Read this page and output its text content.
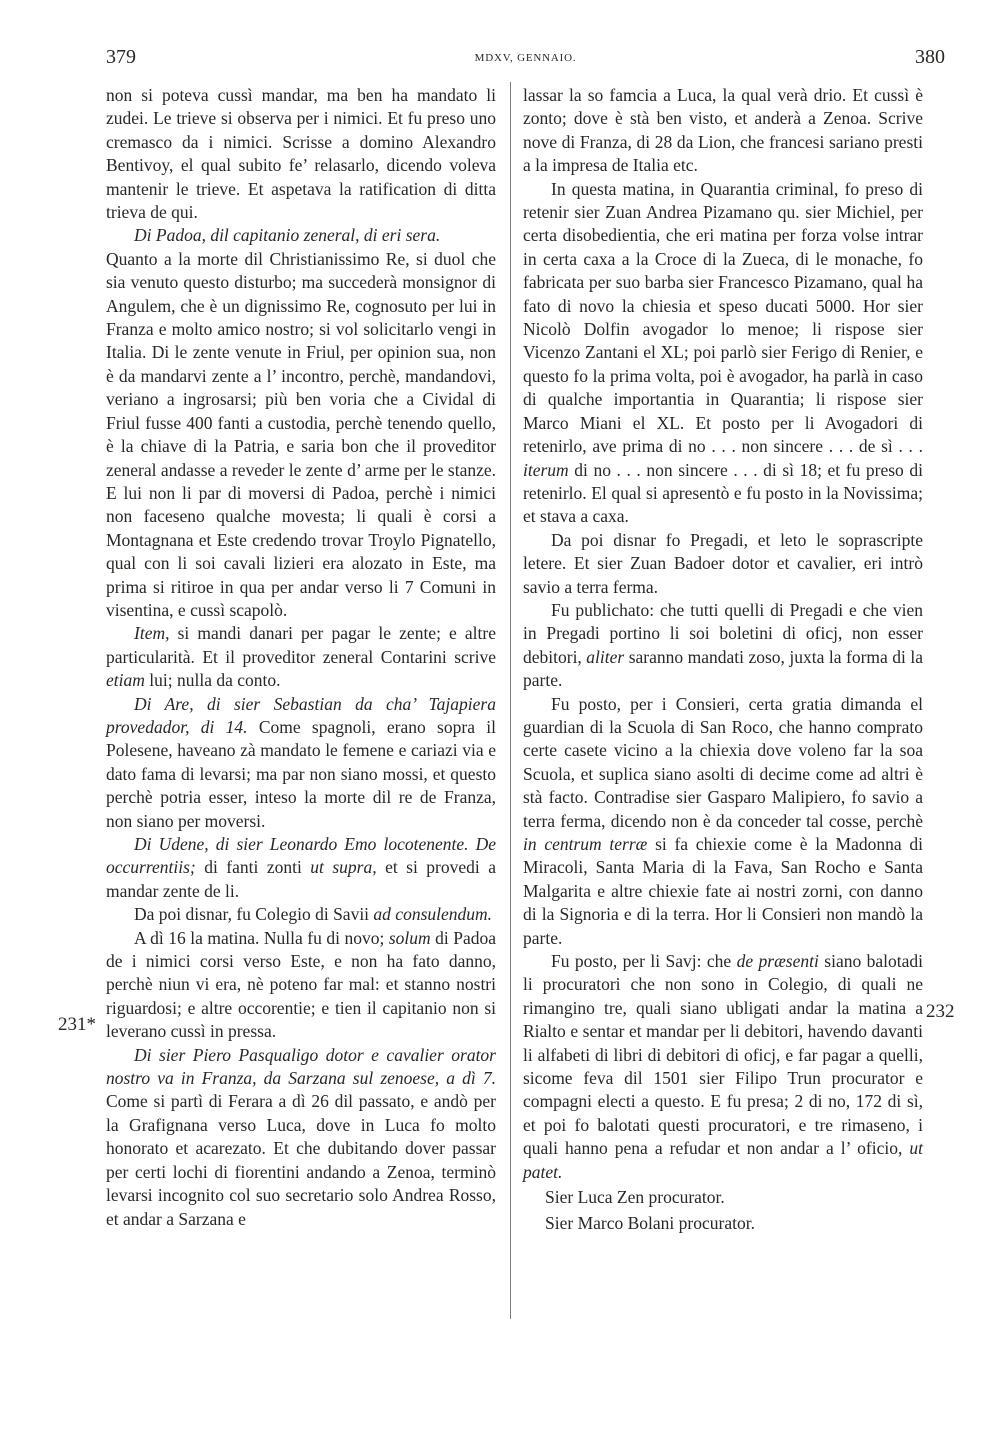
379	MDXV, GENNAIO.	380
231*
232

non si poteva cussì mandar, ma ben ha mandato li zudei. Le trieve si observa per i nimici. Et fu preso uno cremasco da i nimici. Scrisse a domino Alexandro Bentivoy, el qual subito fe’ relasarlo, dicendo voleva mantenir le trieve. Et aspetava la ratification di ditta trieva de qui.

Di Padoa, dil capitanio zeneral, di eri sera.

Quanto a la morte dil Christianissimo Re, si duol che sia venuto questo disturbo; ma succederà monsignor di Angulem, che è un dignissimo Re, cognosuto per lui in Franza e molto amico nostro; si vol solicitarlo vengi in Italia. Di le zente venute in Friul, per opinion sua, non è da mandarvi zente a l’ incontro, perchè, mandandovi, veriano a ingrosarsi; più ben voria che a Cividal di Friul fusse 400 fanti a custodia, perchè tenendo quello, è la chiave di la Patria, e saria bon che il proveditor zeneral andasse a reveder le zente d’ arme per le stanze. E lui non li par di moversi di Padoa, perchè i nimici non faceseno qualche movesta; li quali è corsi a Montagnana et Este credendo trovar Troylo Pignatello, qual con li soi cavali lizieri era alozato in Este, ma prima si ritiroe in qua per andar verso li 7 Comuni in visentina, e cussì scapolò.

Item, si mandi danari per pagar le zente; e altre particularità. Et il proveditor zeneral Contarini scrive etiam lui; nulla da conto.

Di Are, di sier Sebastian da cha’ Tajapiera provedador, di 14. Come spagnoli, erano sopra il Polesene, haveano zà mandato le femene e cariazi via e dato fama di levarsi; ma par non siano mossi, et questo perchè potria esser, inteso la morte dil re de Franza, non siano per moversi.

Di Udene, di sier Leonardo Emo locotenente. De occurrentiis; di fanti zonti ut supra, et si provedi a mandar zente de li.

Da poi disnar, fu Colegio di Savii ad consulendum.

A dì 16 la matina. Nulla fu di novo; solum di Padoa de i nimici corsi verso Este, e non ha fato danno, perchè niun vi era, nè poteno far mal: et stanno nostri riguardosi; e altre occorentie; e tien il capitanio non si leverano cussì in pressa.

Di sier Piero Pasqualigo dotor e cavalier orator nostro va in Franza, da Sarzana sul zenoese, a dì 7. Come si partì di Ferara a dì 26 dil passato, e andò per la Grafignana verso Luca, dove in Luca fo molto honorato et acarezato. Et che dubitando dover passar per certi lochi di fiorentini andando a Zenoa, terminò levarsi incognito col suo secretario solo Andrea Rosso, et andar a Sarzana e

lassar la so famcia a Luca, la qual verà drio. Et cussì è zonto; dove è stà ben visto, et anderà a Zenoa. Scrive nove di Franza, di 28 da Lion, che francesi sariano presti a la impresa de Italia etc.

In questa matina, in Quarantia criminal, fo preso di retenir sier Zuan Andrea Pizamano qu. sier Michiel, per certa disobedientia, che eri matina per forza volse intrar in certa caxa a la Croce di la Zueca, di le monache, fo fabricata per suo barba sier Francesco Pizamano, qual ha fato di novo la chiesia et speso ducati 5000. Hor sier Nicolò Dolfin avogador lo menoe; li rispose sier Vicenzo Zantani el XL; poi parlò sier Ferigo di Renier, e questo fo la prima volta, poi è avogador, ha parlà in caso di qualche importantia in Quarantia; li rispose sier Marco Miani el XL. Et posto per li Avogadori di retenirlo, ave prima di no . . . non sincere . . . de sì . . . iterum di no . . . non sincere . . . di sì 18; et fu preso di retenirlo. El qual si apresentò e fu posto in la Novissima; et stava a caxa.

Da poi disnar fo Pregadi, et leto le soprascripte letere. Et sier Zuan Badoer dotor et cavalier, eri intrò savio a terra ferma.

Fu publichato: che tutti quelli di Pregadi e che vien in Pregadi portino li soi boletini di oficj, non esser debitori, aliter saranno mandati zoso, juxta la forma di la parte.

Fu posto, per i Consieri, certa gratia dimanda el guardian di la Scuola di San Roco, che hanno comprato certe casete vicino a la chiexia dove voleno far la soa Scuola, et suplica siano asolti di decime come ad altri è stà facto. Contradise sier Gasparo Malipiero, fo savio a terra ferma, dicendo non è da conceder tal cosse, perchè in centrum terræ si fa chiexie come è la Madonna di Miracoli, Santa Maria di la Fava, San Rocho e Santa Malgarita e altre chiexie fate ai nostri zorni, con danno di la Signoria e di la terra. Hor li Consieri non mandò la parte.

Fu posto, per li Savj: che de præsenti siano balotadi li procuratori che non sono in Colegio, di quali ne rimangino tre, quali siano ubligati andar la matina a Rialto e sentar et mandar per li debitori, havendo davanti li alfabeti di libri di debitori di oficj, e far pagar a quelli, sicome feva dil 1501 sier Filipo Trun procurator e compagni electi a questo. E fu presa; 2 di no, 172 di sì, et poi fo balotati questi procuratori, e tre rimaseno, i quali hanno pena a refudar et non andar a l’ oficio, ut patet.

Sier Luca Zen procurator.

Sier Marco Bolani procurator.
